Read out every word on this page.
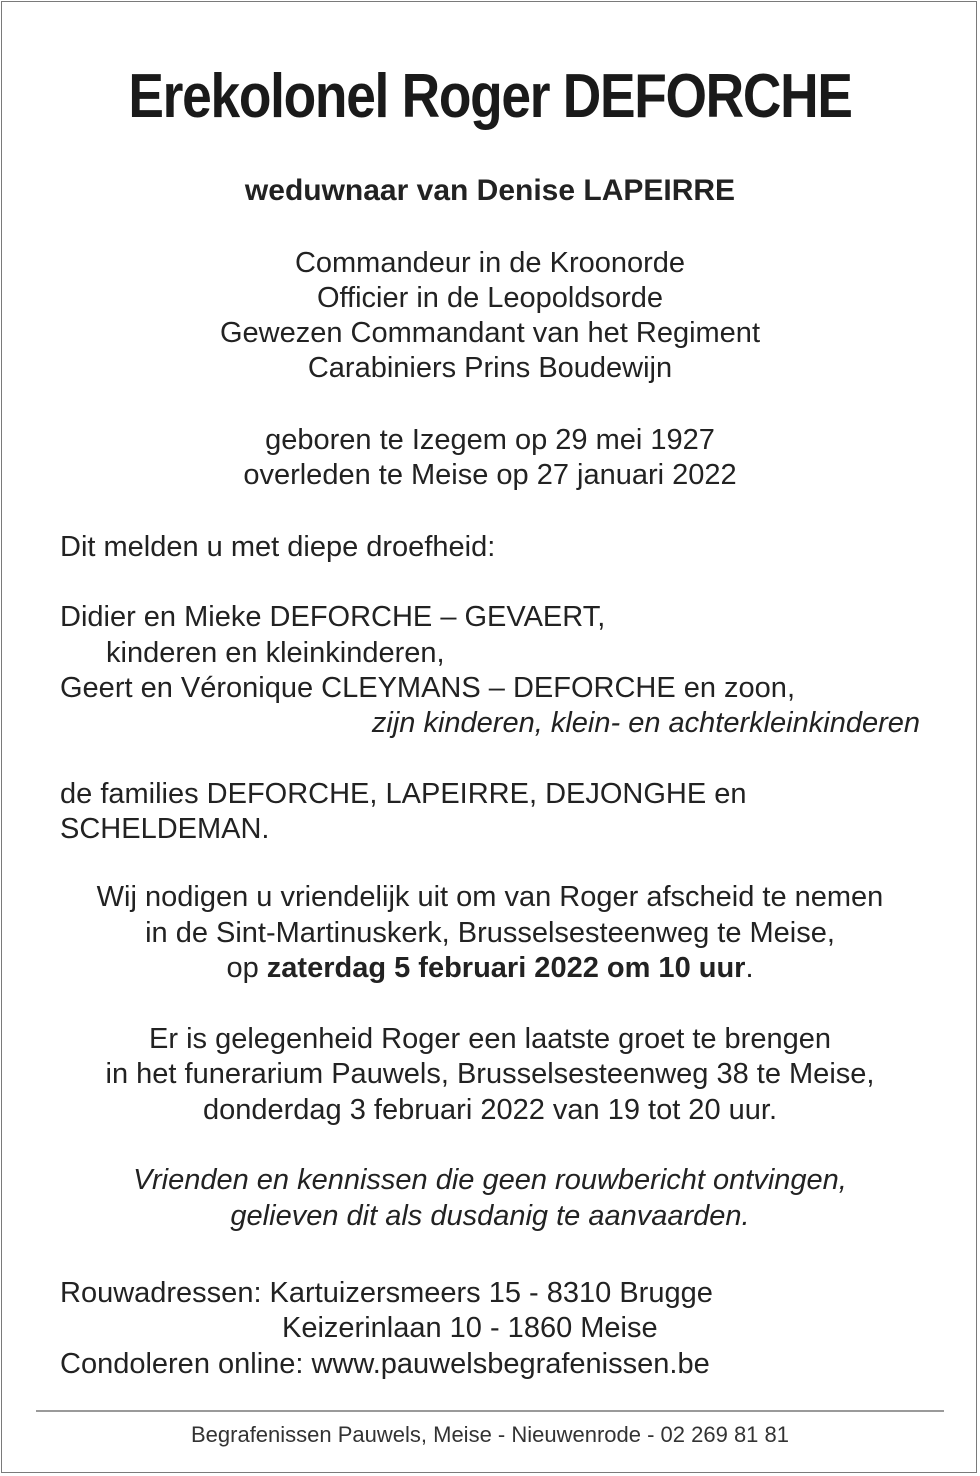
Erekolonel Roger DEFORCHE
weduwnaar van Denise LAPEIRRE
Commandeur in de Kroonorde
Officier in de Leopoldsorde
Gewezen Commandant van het Regiment
Carabiniers Prins Boudewijn
geboren te Izegem op 29 mei 1927
overleden te Meise op 27 januari 2022
Dit melden u met diepe droefheid:
Didier en Mieke DEFORCHE – GEVAERT,
kinderen en kleinkinderen,
Geert en Véronique CLEYMANS – DEFORCHE en zoon,
zijn kinderen, klein- en achterkleinkinderen
de families DEFORCHE, LAPEIRRE, DEJONGHE en
SCHELDEMAN.
Wij nodigen u vriendelijk uit om van Roger afscheid te nemen
in de Sint-Martinuskerk, Brusselsesteenweg te Meise,
op zaterdag 5 februari 2022 om 10 uur.
Er is gelegenheid Roger een laatste groet te brengen
in het funerarium Pauwels, Brusselsesteenweg 38 te Meise,
donderdag 3 februari 2022 van 19 tot 20 uur.
Vrienden en kennissen die geen rouwbericht ontvingen,
gelieven dit als dusdanig te aanvaarden.
Rouwadressen: Kartuizersmeers 15 - 8310 Brugge
Keizerinlaan 10 - 1860 Meise
Condoleren online: www.pauwelsbegrafenissen.be
Begrafenissen Pauwels, Meise - Nieuwenrode - 02 269 81 81
